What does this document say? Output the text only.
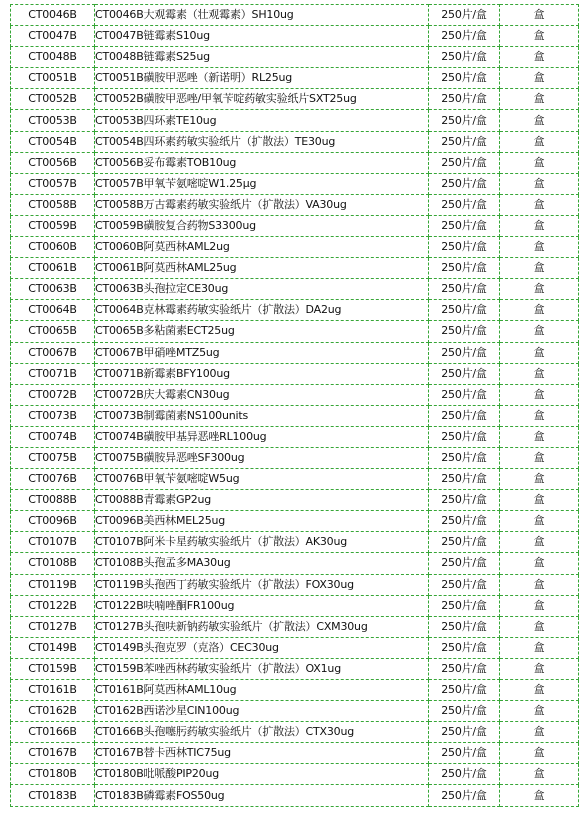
CT0046B	CT0046B大观霉素（壮观霉素）SH10ug	250片/盒	盒
CT0047B	CT0047B链霉素S10ug	250片/盒	盒
CT0048B	CT0048B链霉素S25ug	250片/盒	盒
CT0051B	CT0051B磺胺甲恶唑（新诺明）RL25ug	250片/盒	盒
CT0052B	CT0052B磺胺甲恶唑/甲氧苄啶药敏实验纸片SXT25ug	250片/盒	盒
CT0053B	CT0053B四环素TE10ug	250片/盒	盒
CT0054B	CT0054B四环素药敏实验纸片（扩散法）TE30ug	250片/盒	盒
CT0056B	CT0056B妥布霉素TOB10ug	250片/盒	盒
CT0057B	CT0057B甲氧苄氨嘧啶W1.25μg	250片/盒	盒
CT0058B	CT0058B万古霉素药敏实验纸片（扩散法）VA30ug	250片/盒	盒
CT0059B	CT0059B磺胺复合药物S3300ug	250片/盒	盒
CT0060B	CT0060B阿莫西林AML2ug	250片/盒	盒
CT0061B	CT0061B阿莫西林AML25ug	250片/盒	盒
CT0063B	CT0063B头孢拉定CE30ug	250片/盒	盒
CT0064B	CT0064B克林霉素药敏实验纸片（扩散法）DA2ug	250片/盒	盒
CT0065B	CT0065B多粘菌素ECT25ug	250片/盒	盒
CT0067B	CT0067B甲硝唑MTZ5ug	250片/盒	盒
CT0071B	CT0071B新霉素BFY100ug	250片/盒	盒
CT0072B	CT0072B庆大霉素CN30ug	250片/盒	盒
CT0073B	CT0073B制霉菌素NS100units	250片/盒	盒
CT0074B	CT0074B磺胺甲基异恶唑RL100ug	250片/盒	盒
CT0075B	CT0075B磺胺异恶唑SF300ug	250片/盒	盒
CT0076B	CT0076B甲氧苄氨嘧啶W5ug	250片/盒	盒
CT0088B	CT0088B青霉素GP2ug	250片/盒	盒
CT0096B	CT0096B美西林MEL25ug	250片/盒	盒
CT0107B	CT0107B阿米卡星药敏实验纸片（扩散法）AK30ug	250片/盒	盒
CT0108B	CT0108B头孢孟多MA30ug	250片/盒	盒
CT0119B	CT0119B头孢西丁药敏实验纸片（扩散法）FOX30ug	250片/盒	盒
CT0122B	CT0122B呋喃唑酮FR100ug	250片/盒	盒
CT0127B	CT0127B头孢呋新钠药敏实验纸片（扩散法）CXM30ug	250片/盒	盒
CT0149B	CT0149B头孢克罗（克洛）CEC30ug	250片/盒	盒
CT0159B	CT0159B苯唑西林药敏实验纸片（扩散法）OX1ug	250片/盒	盒
CT0161B	CT0161B阿莫西林AML10ug	250片/盒	盒
CT0162B	CT0162B西诺沙星CIN100ug	250片/盒	盒
CT0166B	CT0166B头孢噻肟药敏实验纸片（扩散法）CTX30ug	250片/盒	盒
CT0167B	CT0167B替卡西林TIC75ug	250片/盒	盒
CT0180B	CT0180B吡哌酸PIP20ug	250片/盒	盒
CT0183B	CT0183B磷霉素FOS50ug	250片/盒	盒
